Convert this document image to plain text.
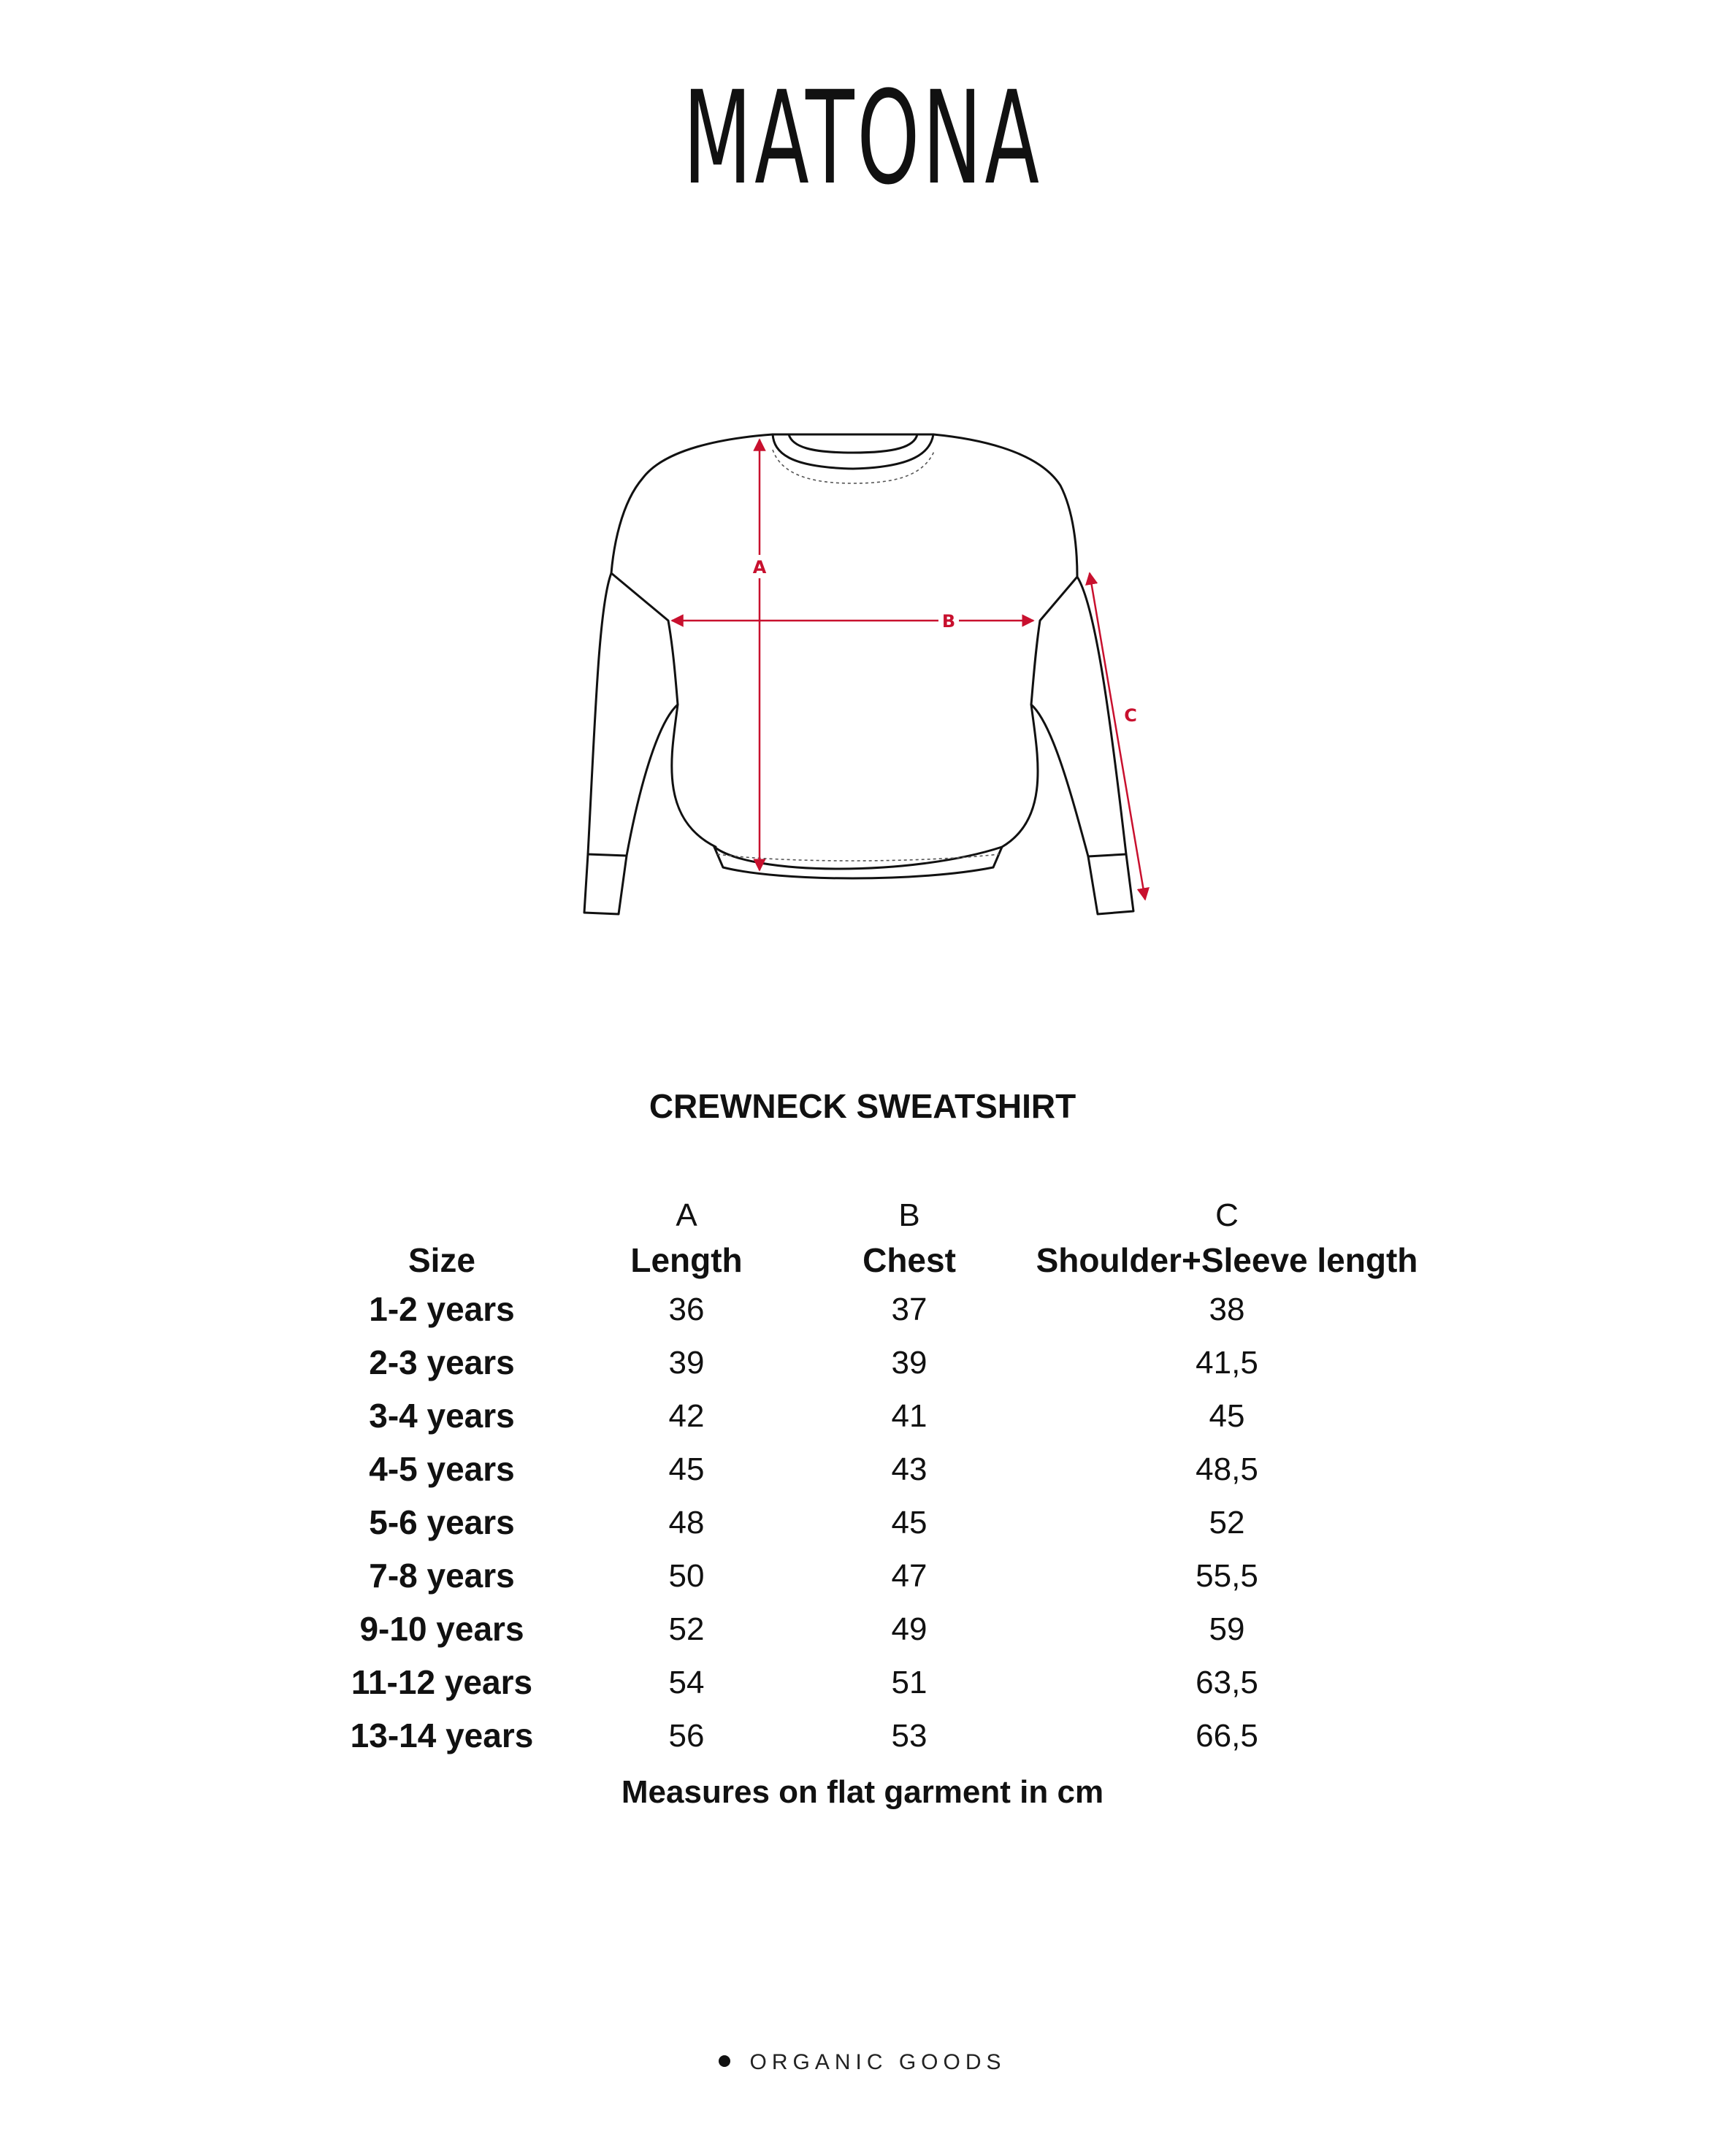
MATONA
A
B
C
CREWNECK SWEATSHIRT
	A	B	C
Size	Length	Chest	Shoulder+Sleeve length
1-2 years	36	37	38
2-3 years	39	39	41,5
3-4 years	42	41	45
4-5 years	45	43	48,5
5-6 years	48	45	52
7-8 years	50	47	55,5
9-10 years	52	49	59
11-12 years	54	51	63,5
13-14 years	56	53	66,5
Measures on flat garment in cm
ORGANIC GOODS
